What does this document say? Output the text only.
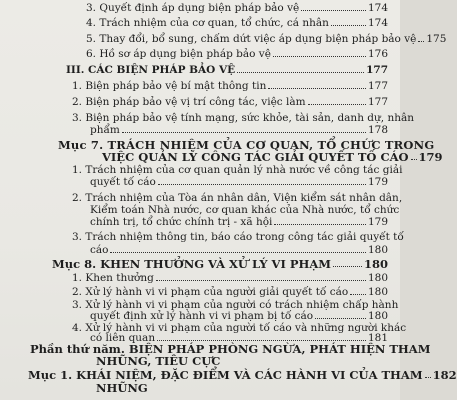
3. Quyết định áp dụng biện pháp bảo vệ	174
4. Trách nhiệm của cơ quan, tổ chức, cá nhân	174
5. Thay đổi, bổ sung, chấm dứt việc áp dụng biện pháp bảo vệ 175
6. Hồ sơ áp dụng biện pháp bảo vệ	176
III. CÁC BIỆN PHÁP BẢO VỆ	177
1. Biện pháp bảo vệ bí mật thông tin	177
2. Biện pháp bảo vệ vị trí công tác, việc làm	177
3. Biện pháp bảo vệ tính mạng, sức khỏe, tài sản, danh dự, nhân
phẩm	178
Mục 7. TRÁCH NHIỆM CỦA CƠ QUAN, TỔ CHỨC TRONG
VIỆC QUẢN LÝ CÔNG TÁC GIẢI QUYẾT TỐ CÁO 179
1. Trách nhiệm của cơ quan quản lý nhà nước về công tác giải
quyết tố cáo	179
2. Trách nhiệm của Tòa án nhân dân, Viện kiểm sát nhân dân,
Kiểm toán Nhà nước, cơ quan khác của Nhà nước, tổ chức
chính trị, tổ chức chính trị - xã hội	179
3. Trách nhiệm thông tin, báo cáo trong công tác giải quyết tố
cáo	180
Mục 8. KHEN THƯỞNG VÀ XỬ LÝ VI PHẠM	180
1. Khen thưởng	180
2. Xử lý hành vi vi phạm của người giải quyết tố cáo 180
3. Xử lý hành vi vi phạm của người có trách nhiệm chấp hành
quyết định xử lý hành vi vi phạm bị tố cáo	180
4. Xử lý hành vi vi phạm của người tố cáo và những người khác
có liên quan	181
Phần thứ năm. BIỆN PHÁP PHÒNG NGỪA, PHÁT HIỆN THAM
NHŨNG, TIÊU CỰC
Mục 1. KHÁI NIỆM, ĐẶC ĐIỂM VÀ CÁC HÀNH VI CỦA THAM 182
NHŨNG
